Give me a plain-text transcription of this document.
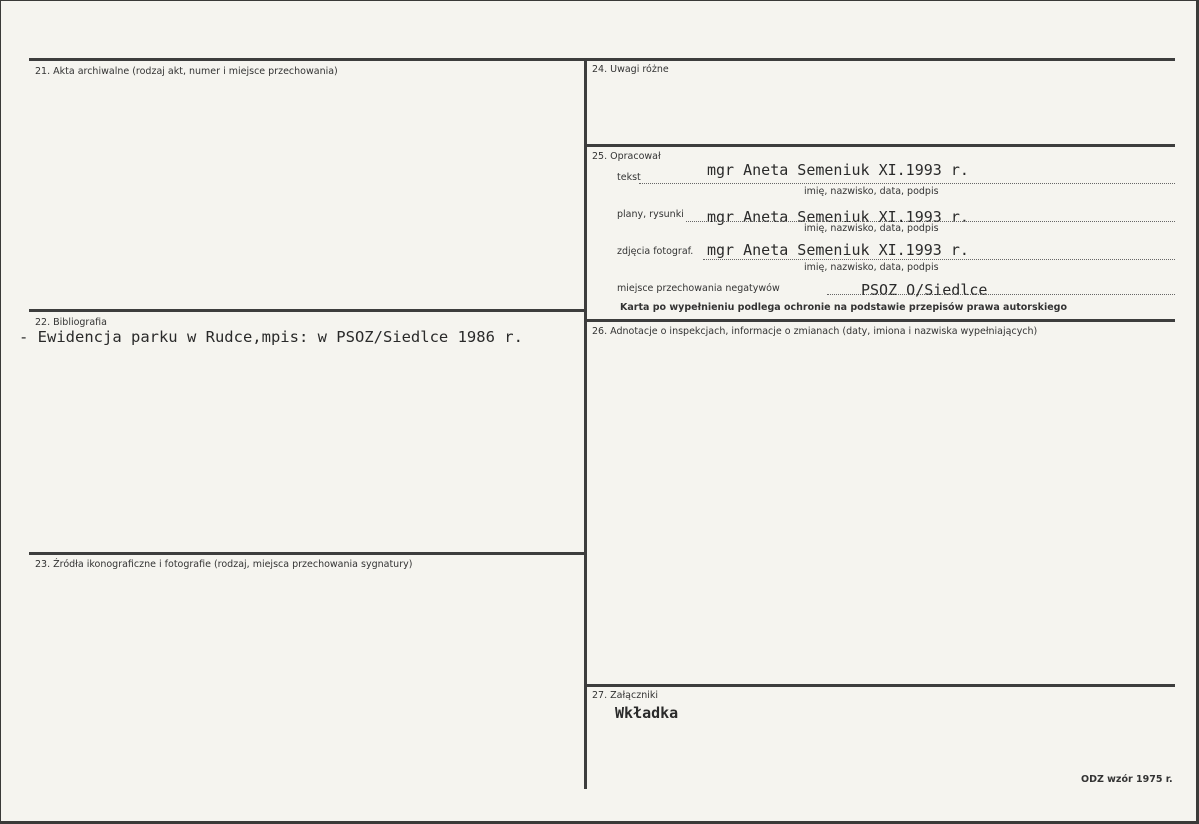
21. Akta archiwalne (rodzaj akt, numer i miejsce przechowania)
22. Bibliografia
- Ewidencja parku w Rudce,mpis: w PSOZ/Siedlce 1986 r.
23. Źródła ikonograficzne i fotografie (rodzaj, miejsca przechowania sygnatury)
24. Uwagi różne
25. Opracował
tekst	mgr Aneta Semeniuk XI.1993 r.
imię, nazwisko, data, podpis
plany, rysunki mgr Aneta Semeniuk XI.1993 r.
imię, nazwisko, data, podpis
zdjęcia fotograf. mgr Aneta Semeniuk XI.1993 r.
imię, nazwisko, data, podpis
miejsce przechowania negatywów	PSOZ O/Siedlce
Karta po wypełnieniu podlega ochronie na podstawie przepisów prawa autorskiego
26. Adnotacje o inspekcjach, informacje o zmianach (daty, imiona i nazwiska wypełniających)
27. Załączniki
Wkładka
ODZ wzór 1975 r.
